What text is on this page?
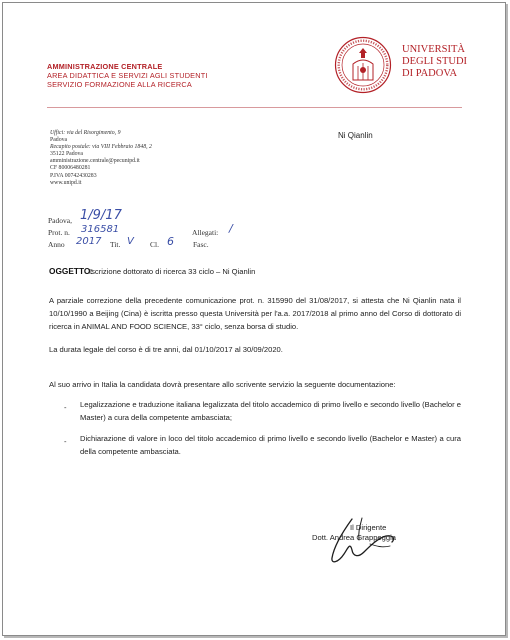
AMMINISTRAZIONE CENTRALE
AREA DIDATTICA E SERVIZI AGLI STUDENTI
SERVIZIO FORMAZIONE ALLA RICERCA
UNIVERSITÀ
DEGLI STUDI
DI PADOVA
Uffici: via del Risorgimento, 9
Padova
Recapito postale: via VIII Febbraio 1848, 2
35122 Padova
amministrazione.centrale@pecunipd.it
CF 80006480281
P.IVA 00742430283
www.unipd.it
Ni Qianlin
Padova, 1/9/17
Prot. n. 316581	Allegati: /
Anno 2017 Tit. V Cl. 6	Fasc.
OGGETTO:
Iscrizione dottorato di ricerca 33 ciclo – Ni Qianlin
A parziale correzione della precedente comunicazione prot. n. 315990 del 31/08/2017, si attesta che Ni Qianlin nata il 10/10/1990 a Beijing (Cina) è iscritta presso questa Università per l'a.a. 2017/2018 al primo anno del Corso di dottorato di ricerca in ANIMAL AND FOOD SCIENCE, 33° ciclo, senza borsa di studio.
La durata legale del corso è di tre anni, dal 01/10/2017 al 30/09/2020.
Al suo arrivo in Italia la candidata dovrà presentare allo scrivente servizio la seguente documentazione:
- Legalizzazione e traduzione italiana legalizzata del titolo accademico di primo livello e secondo livello (Bachelor e Master) a cura della competente ambasciata;
- Dichiarazione di valore in loco del titolo accademico di primo livello e secondo livello (Bachelor e Master) a cura della competente ambasciata.
Il Dirigente
Dott. Andrea Grappeggia
